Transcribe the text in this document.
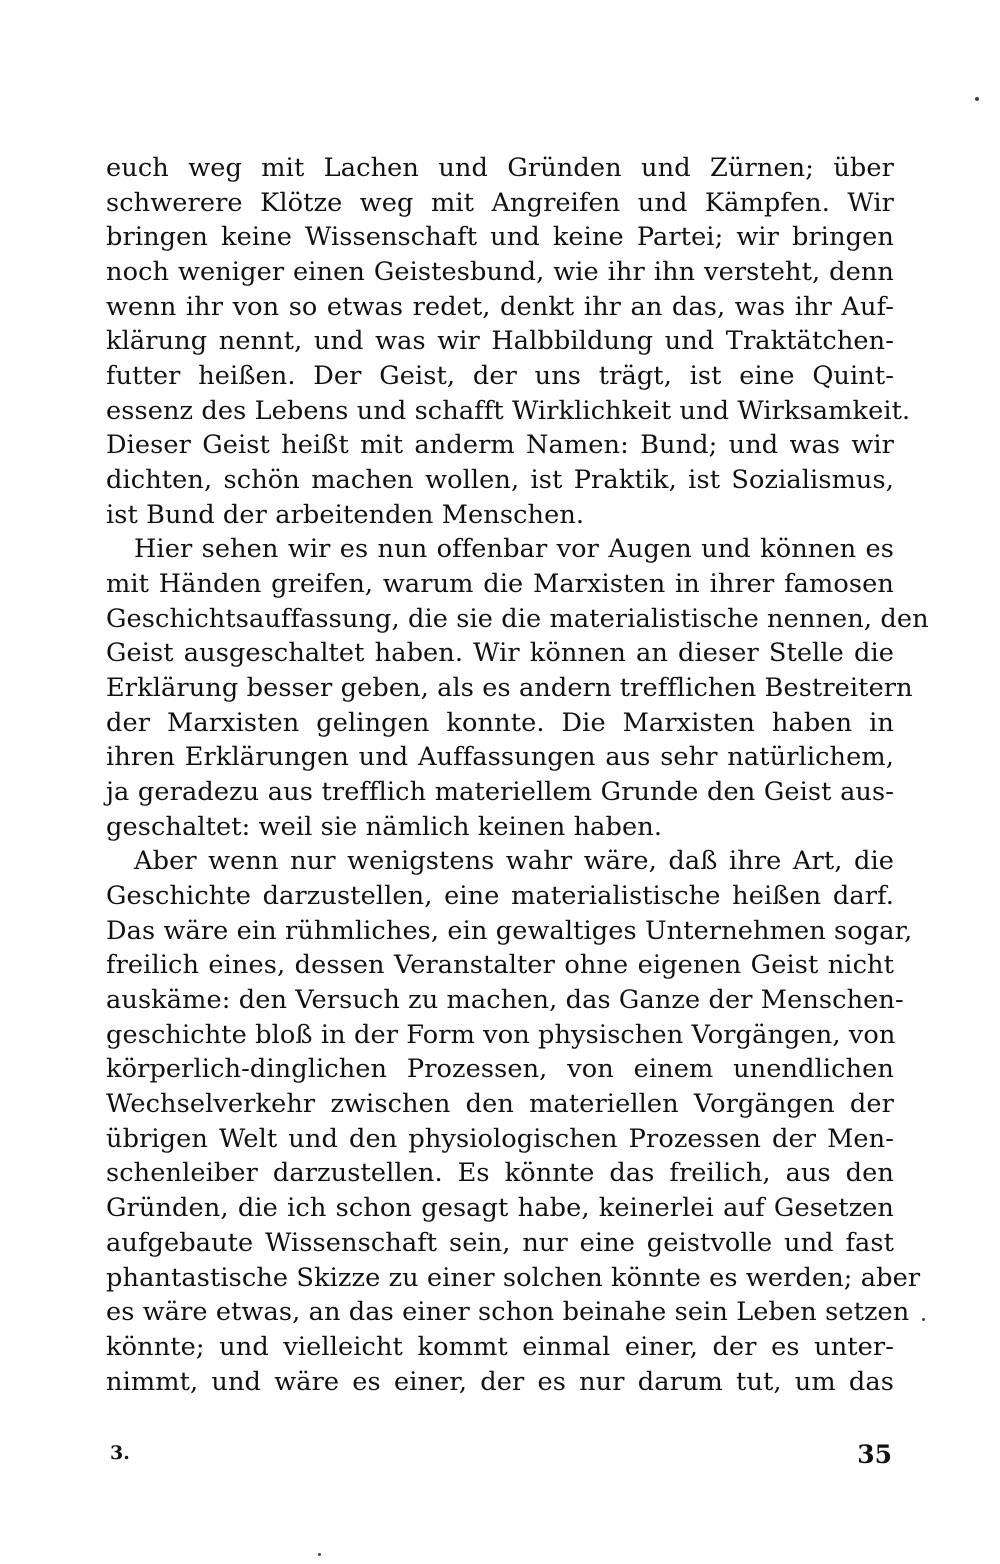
euch weg mit Lachen und Gründen und Zürnen; über
schwerere Klötze weg mit Angreifen und Kämpfen. Wir
bringen keine Wissenschaft und keine Partei; wir bringen
noch weniger einen Geistesbund, wie ihr ihn versteht, denn
wenn ihr von so etwas redet, denkt ihr an das, was ihr Auf-
klärung nennt, und was wir Halbbildung und Traktätchen-
futter heißen. Der Geist, der uns trägt, ist eine Quint-
essenz des Lebens und schafft Wirklichkeit und Wirksamkeit.
Dieser Geist heißt mit anderm Namen: Bund; und was wir
dichten, schön machen wollen, ist Praktik, ist Sozialismus,
ist Bund der arbeitenden Menschen.
Hier sehen wir es nun offenbar vor Augen und können es
mit Händen greifen, warum die Marxisten in ihrer famosen
Geschichtsauffassung, die sie die materialistische nennen, den
Geist ausgeschaltet haben. Wir können an dieser Stelle die
Erklärung besser geben, als es andern trefflichen Bestreitern
der Marxisten gelingen konnte. Die Marxisten haben in
ihren Erklärungen und Auffassungen aus sehr natürlichem,
ja geradezu aus trefflich materiellem Grunde den Geist aus-
geschaltet: weil sie nämlich keinen haben.
Aber wenn nur wenigstens wahr wäre, daß ihre Art, die
Geschichte darzustellen, eine materialistische heißen darf.
Das wäre ein rühmliches, ein gewaltiges Unternehmen sogar,
freilich eines, dessen Veranstalter ohne eigenen Geist nicht
auskäme: den Versuch zu machen, das Ganze der Menschen-
geschichte bloß in der Form von physischen Vorgängen, von
körperlich-dinglichen Prozessen, von einem unendlichen
Wechselverkehr zwischen den materiellen Vorgängen der
übrigen Welt und den physiologischen Prozessen der Men-
schenleiber darzustellen. Es könnte das freilich, aus den
Gründen, die ich schon gesagt habe, keinerlei auf Gesetzen
aufgebaute Wissenschaft sein, nur eine geistvolle und fast
phantastische Skizze zu einer solchen könnte es werden; aber
es wäre etwas, an das einer schon beinahe sein Leben setzen
könnte; und vielleicht kommt einmal einer, der es unter-
nimmt, und wäre es einer, der es nur darum tut, um das
3.	35
